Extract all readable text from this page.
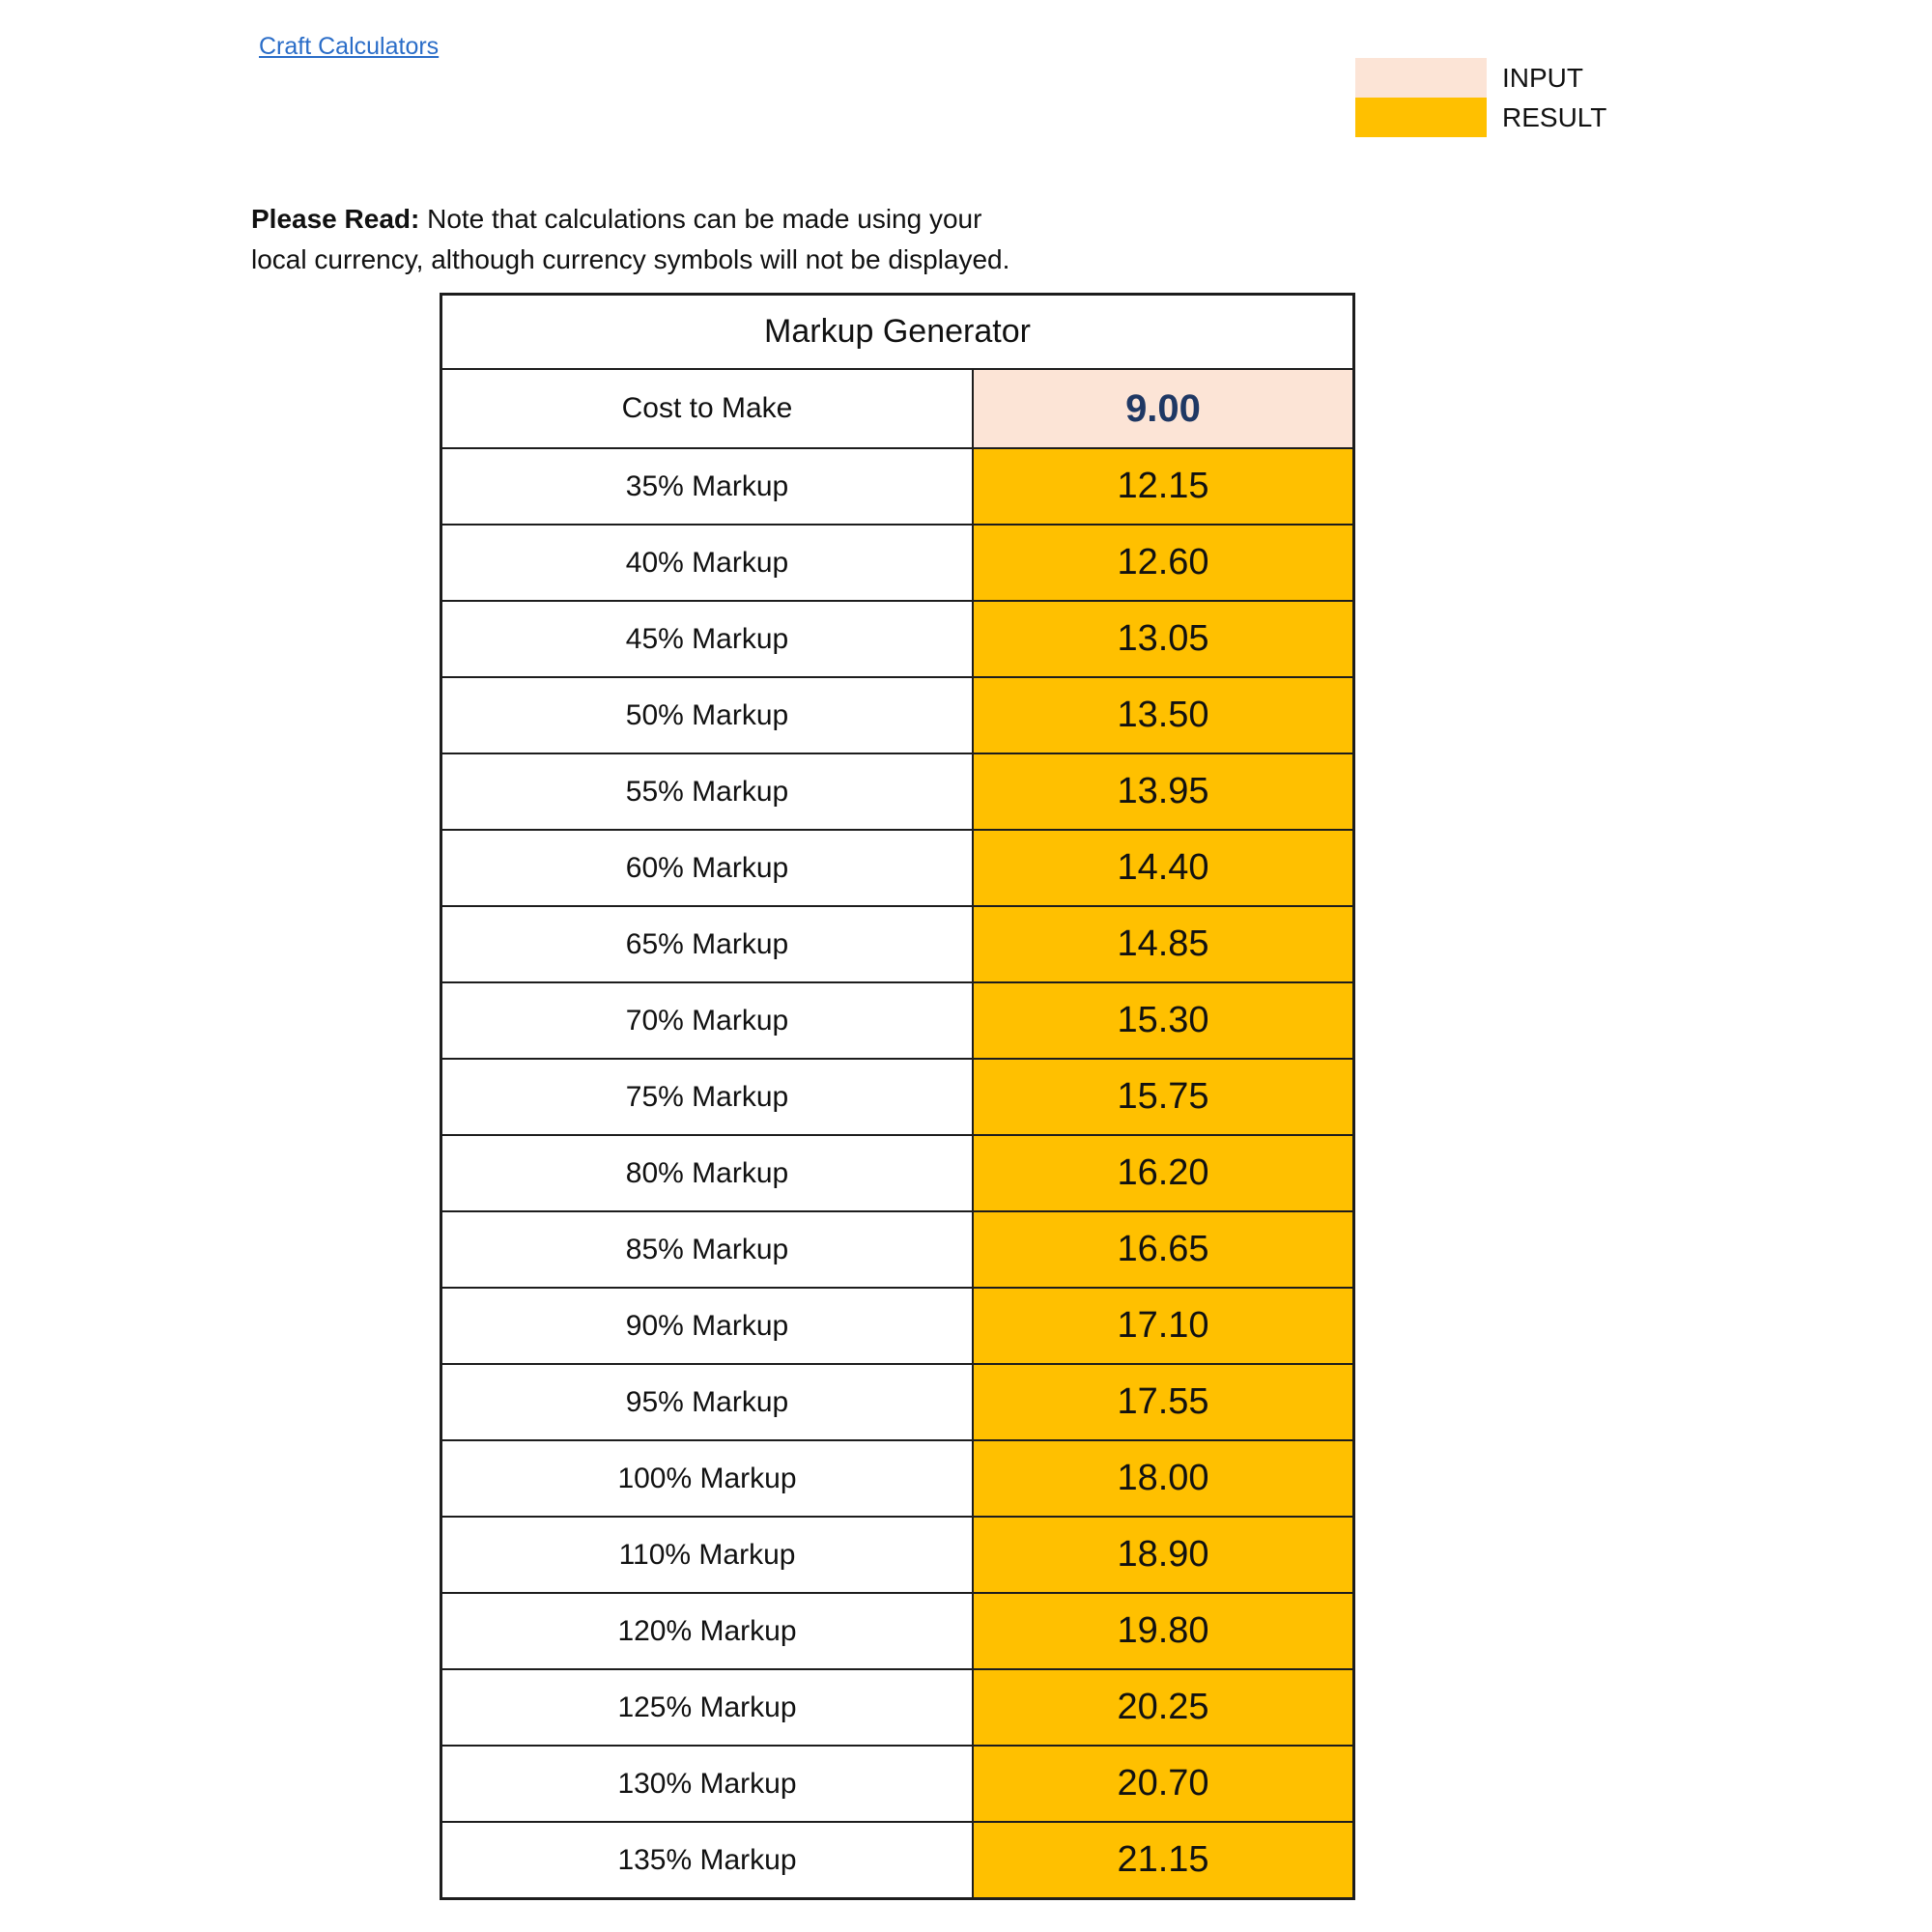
Craft Calculators
INPUT
RESULT

Please Read: Note that calculations can be made using your local currency, although currency symbols will not be displayed.

Markup Generator
Cost to Make	9.00
35% Markup	12.15
40% Markup	12.60
45% Markup	13.05
50% Markup	13.50
55% Markup	13.95
60% Markup	14.40
65% Markup	14.85
70% Markup	15.30
75% Markup	15.75
80% Markup	16.20
85% Markup	16.65
90% Markup	17.10
95% Markup	17.55
100% Markup	18.00
110% Markup	18.90
120% Markup	19.80
125% Markup	20.25
130% Markup	20.70
135% Markup	21.15
